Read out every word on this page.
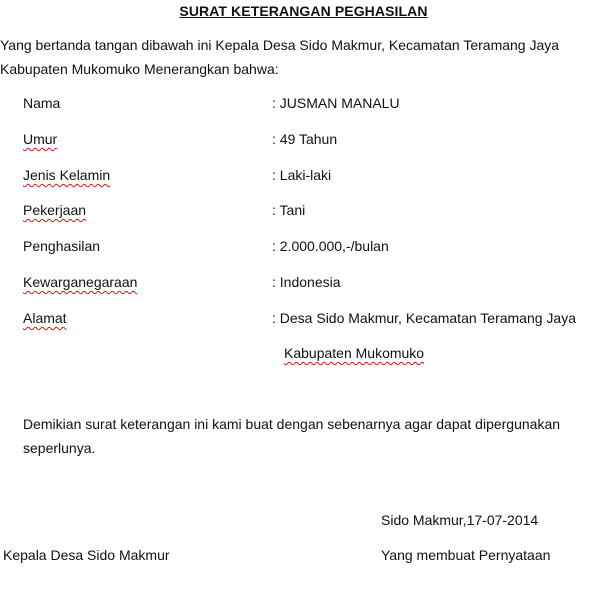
SURAT KETERANGAN PEGHASILAN
Yang bertanda tangan dibawah ini Kepala Desa Sido Makmur, Kecamatan Teramang Jaya
Kabupaten Mukomuko Menerangkan bahwa:
Nama	: JUSMAN MANALU
Umur	: 49 Tahun
Jenis Kelamin	: Laki-laki
Pekerjaan	: Tani
Penghasilan	: 2.000.000,-/bulan
Kewarganegaraan	: Indonesia
Alamat	: Desa Sido Makmur, Kecamatan Teramang Jaya
Kabupaten Mukomuko
Demikian surat keterangan ini kami buat dengan sebenarnya agar dapat dipergunakan
seperlunya.
Sido Makmur,17-07-2014
Kepala Desa Sido Makmur	Yang membuat Pernyataan
